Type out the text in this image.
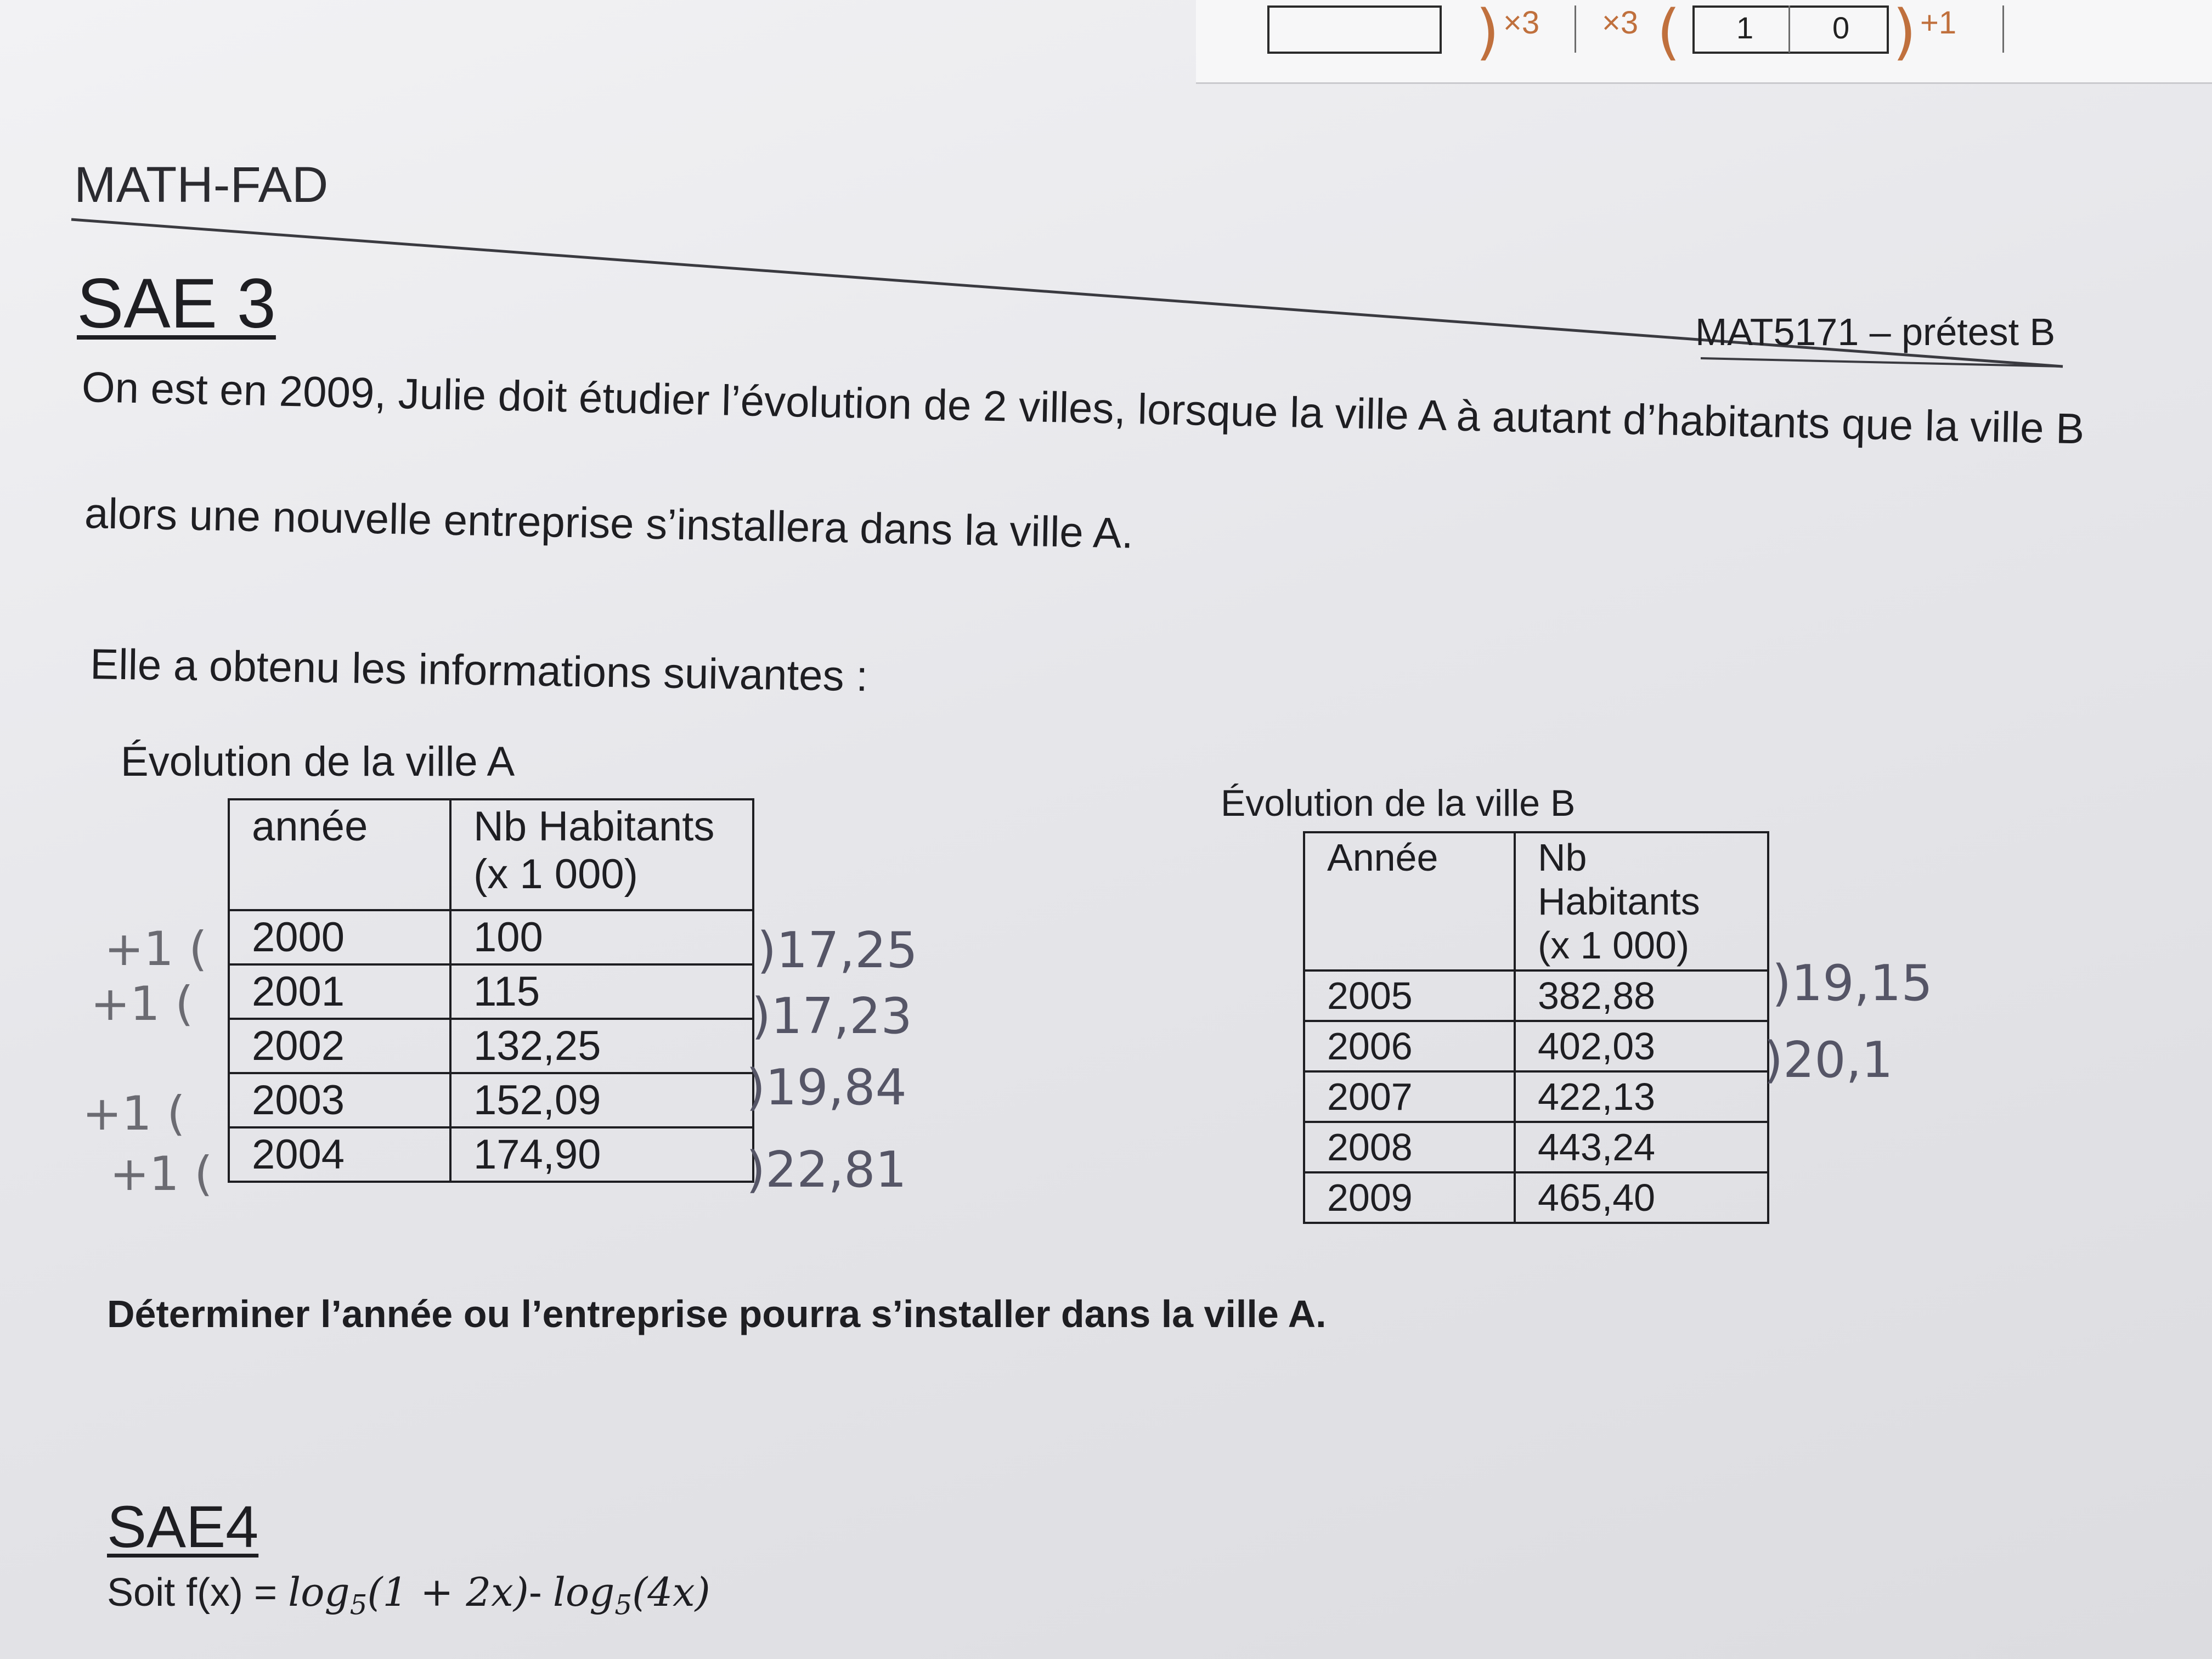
) ×3 ×3 ( 1	0 ) +1
MATH-FAD
SAE 3	MAT5171 – prétest B
On est en 2009, Julie doit étudier l’évolution de 2 villes, lorsque la ville A à autant d’habitants que la ville B
alors une nouvelle entreprise s’installera dans la ville A.
Elle a obtenu les informations suivantes :
Évolution de la ville A
année	Nb Habitants
(x 1 000)

2000	100
2001	115
2002	132,25
2003	152,09
2004	174,90
Évolution de la ville B
Année	Nb Habitants
(x 1 000)

2005	382,88
2006	402,03
2007	422,13
2008	443,24
2009	465,40
+1 (
+1 (
+1 (
+1 (
)17,25
)17,23
)19,84
)22,81
)19,15
)20,1
Déterminer l’année ou l’entreprise pourra s’installer dans la ville A.
SAE4
Soit $f(x) = \log_5(1 + 2x)-$ $\log_5(4x)$
